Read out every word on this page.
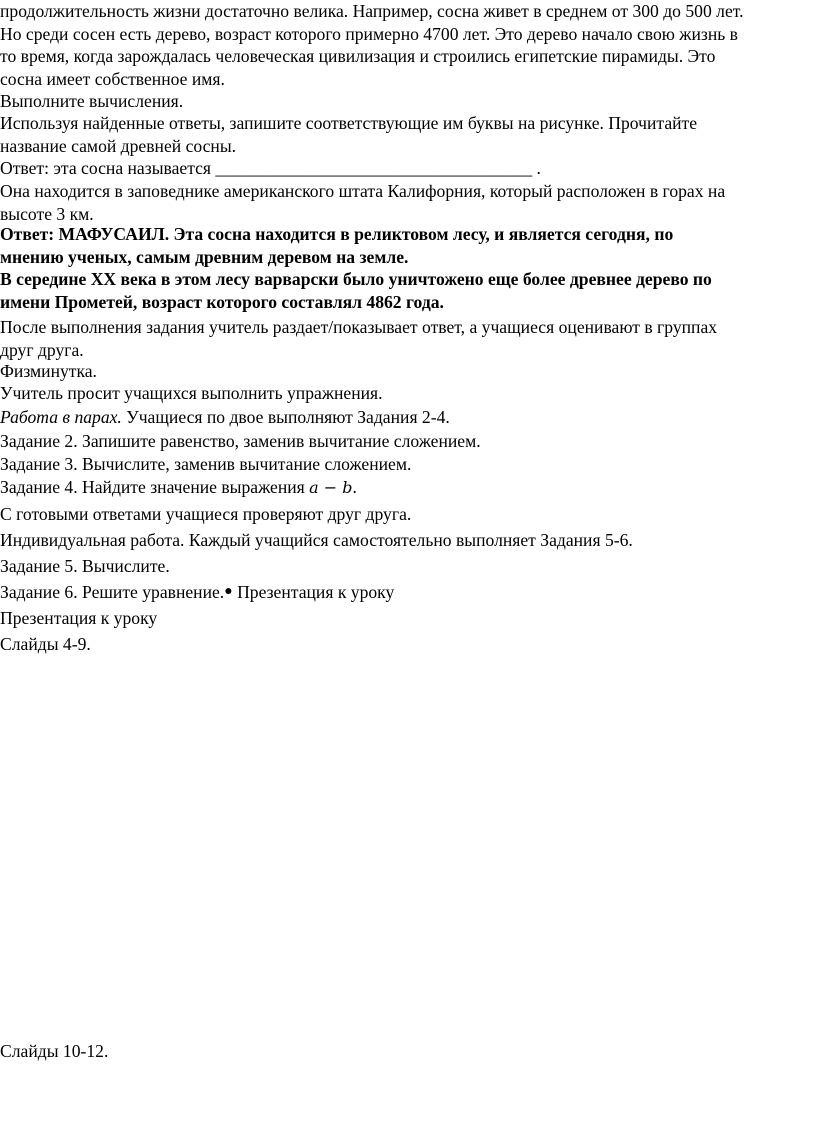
продолжительность жизни достаточно велика. Например, сосна живет в среднем от 300 до 500 лет.
Но среди сосен есть дерево, возраст которого примерно 4700 лет. Это дерево начало свою жизнь в
то время, когда зарождалась человеческая цивилизация и строились египетские пирамиды. Это
сосна имеет собственное имя.
Выполните вычисления.
Используя найденные ответы, запишите соответствующие им буквы на рисунке. Прочитайте
название самой древней сосны.
Ответ: эта сосна называется ____________________________________ .
Она находится в заповеднике американского штата Калифорния, который расположен в горах на
высоте 3 км.
Ответ: МАФУСАИЛ. Эта сосна находится в реликтовом лесу, и является сегодня, по
мнению ученых, самым древним деревом на земле.
В середине XX века в этом лесу варварски было уничтожено еще более древнее дерево по
имени Прометей, возраст которого составлял 4862 года.
После выполнения задания учитель раздает/показывает ответ, а учащиеся оценивают в группах
друг друга.
Физминутка.
Учитель просит учащихся выполнить упражнения.
Работа в парах. Учащиеся по двое выполняют Задания 2-4.
Задание 2. Запишите равенство, заменив вычитание сложением.
Задание 3. Вычислите, заменив вычитание сложением.
Задание 4. Найдите значение выражения a − b.
С готовыми ответами учащиеся проверяют друг друга.
Индивидуальная работа. Каждый учащийся самостоятельно выполняет Задания 5-6.
Задание 5. Вычислите.
Задание 6. Решите уравнение.● Презентация к уроку
Презентация к уроку
Слайды 4-9.
Слайды 10-12.
